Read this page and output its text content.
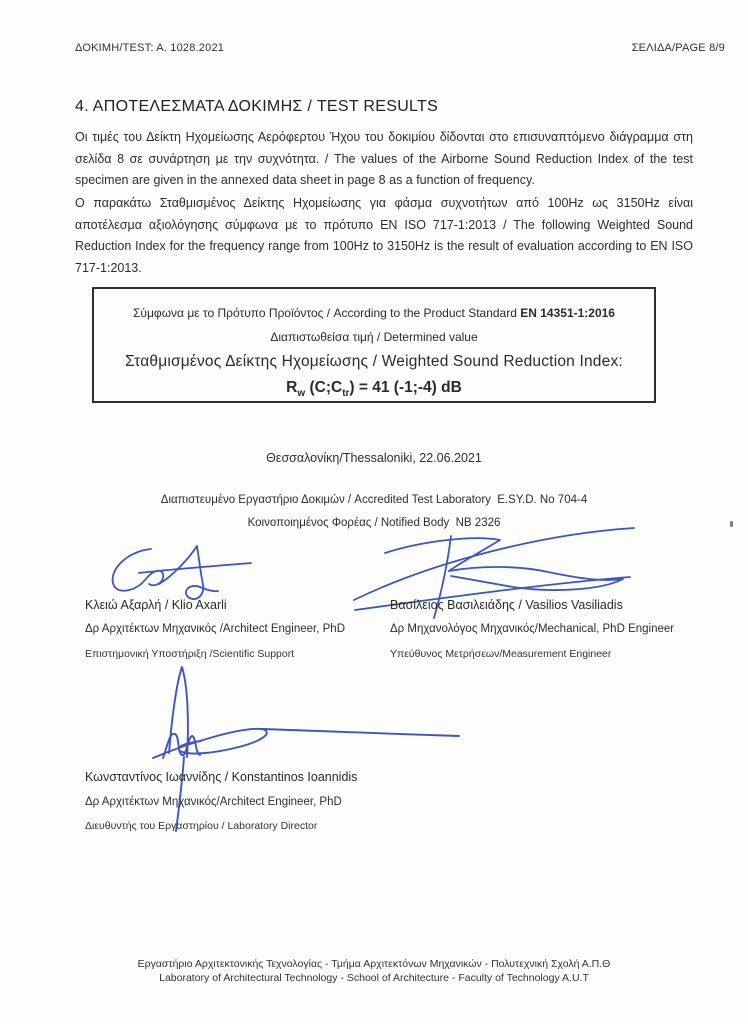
ΔΟΚΙΜΗ/TEST: A. 1028.2021	ΣΕΛΙΔΑ/PAGE 8/9
4. ΑΠΟΤΕΛΕΣΜΑΤΑ ΔΟΚΙΜΗΣ / TEST RESULTS
Οι τιμές του Δείκτη Ηχομείωσης Αερόφερτου Ήχου του δοκιμίου δίδονται στο επισυναπτόμενο διάγραμμα στη σελίδα 8 σε συνάρτηση με την συχνότητα. / The values of the Airborne Sound Reduction Index of the test specimen are given in the annexed data sheet in page 8 as a function of frequency.
Ο παρακάτω Σταθμισμένος Δείκτης Ηχομείωσης για φάσμα συχνοτήτων από 100Hz ως 3150Hz είναι αποτέλεσμα αξιολόγησης σύμφωνα με το πρότυπο EN ISO 717-1:2013 / The following Weighted Sound Reduction Index for the frequency range from 100Hz to 3150Hz is the result of evaluation according to EN ISO 717-1:2013.
Σύμφωνα με το Πρότυπο Προϊόντος / According to the Product Standard EN 14351-1:2016
Διαπιστωθείσα τιμή / Determined value
Σταθμισμένος Δείκτης Ηχομείωσης / Weighted Sound Reduction Index:
$R_w$ $(C;C_{tr}) = 41$ (-1;-4) dB
Θεσσαλονίκη/Thessaloniki, 22.06.2021
Διαπιστευμένο Εργαστήριο Δοκιμών / Accredited Test Laboratory  E.SY.D. No 704-4
Κοινοποιημένος Φορέας / Notified Body  NB 2326
Κλειώ Αξαρλή / Klio Axarli
Δρ Αρχιτέκτων Μηχανικός /Architect Engineer, PhD
Επιστημονική Υποστήριξη /Scientific Support
Βασίλειος Βασιλειάδης / Vasilios Vasiliadis
Δρ Μηχανολόγος Μηχανικός/Mechanical, PhD Engineer
Υπεύθυνος Μετρήσεων/Measurement Engineer
Κωνσταντίνος Ιωαννίδης / Konstantinos Ioannidis
Δρ Αρχιτέκτων Μηχανικός/Architect Engineer, PhD
Διευθυντής του Εργαστηρίου / Laboratory Director
Εργαστήριο Αρχιτεκτονικής Τεχνολογίας - Τμήμα Αρχιτεκτόνων Μηχανικών - Πολυτεχνική Σχολή Α.Π.Θ
Laboratory of Architectural Technology - School of Architecture - Faculty of Technology A.U.T
